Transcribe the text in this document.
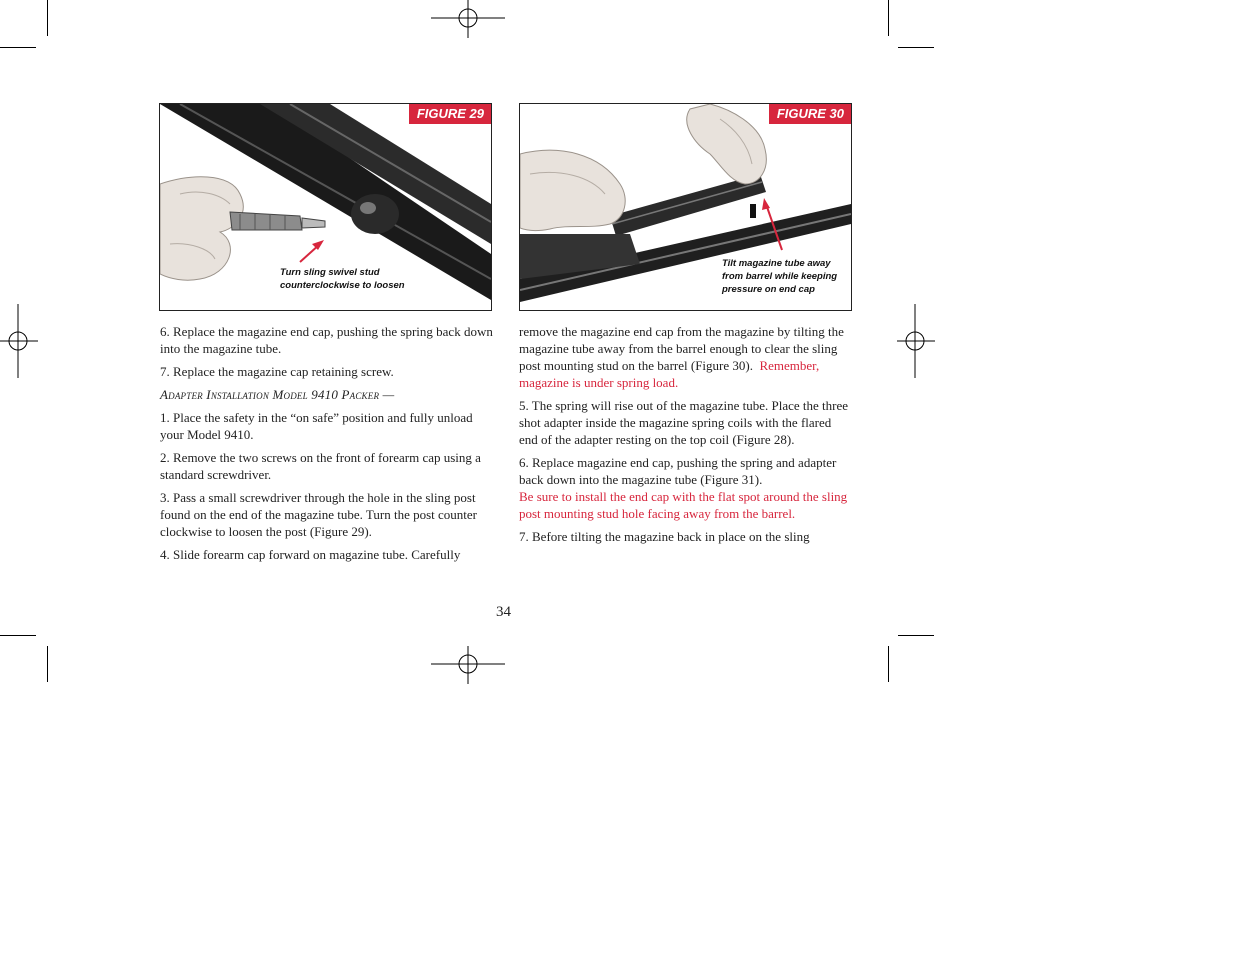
FIGURE 29
Turn sling swivel stud
counterclockwise to loosen
FIGURE 30
Tilt magazine tube away
from barrel while keeping
pressure on end cap

6. Replace the magazine end cap, pushing the spring back down into the magazine tube.

7. Replace the magazine cap retaining screw.

Adapter Installation Model 9410 Packer —

1. Place the safety in the “on safe” position and fully unload your Model 9410.

2. Remove the two screws on the front of forearm cap using a standard screwdriver.

3. Pass a small screwdriver through the hole in the sling post found on the end of the magazine tube. Turn the post counter clockwise to loosen the post (Figure 29).

4. Slide forearm cap forward on magazine tube. Carefully

remove the magazine end cap from the magazine by tilting the magazine tube away from the barrel enough to clear the sling post mounting stud on the barrel (Figure 30). Remember, magazine is under spring load.

5. The spring will rise out of the magazine tube. Place the three shot adapter inside the magazine spring coils with the flared end of the adapter resting on the top coil (Figure 28).

6. Replace magazine end cap, pushing the spring and adapter back down into the magazine tube (Figure 31).
Be sure to install the end cap with the flat spot around the sling post mounting stud hole facing away from the barrel.

7. Before tilting the magazine back in place on the sling

34
